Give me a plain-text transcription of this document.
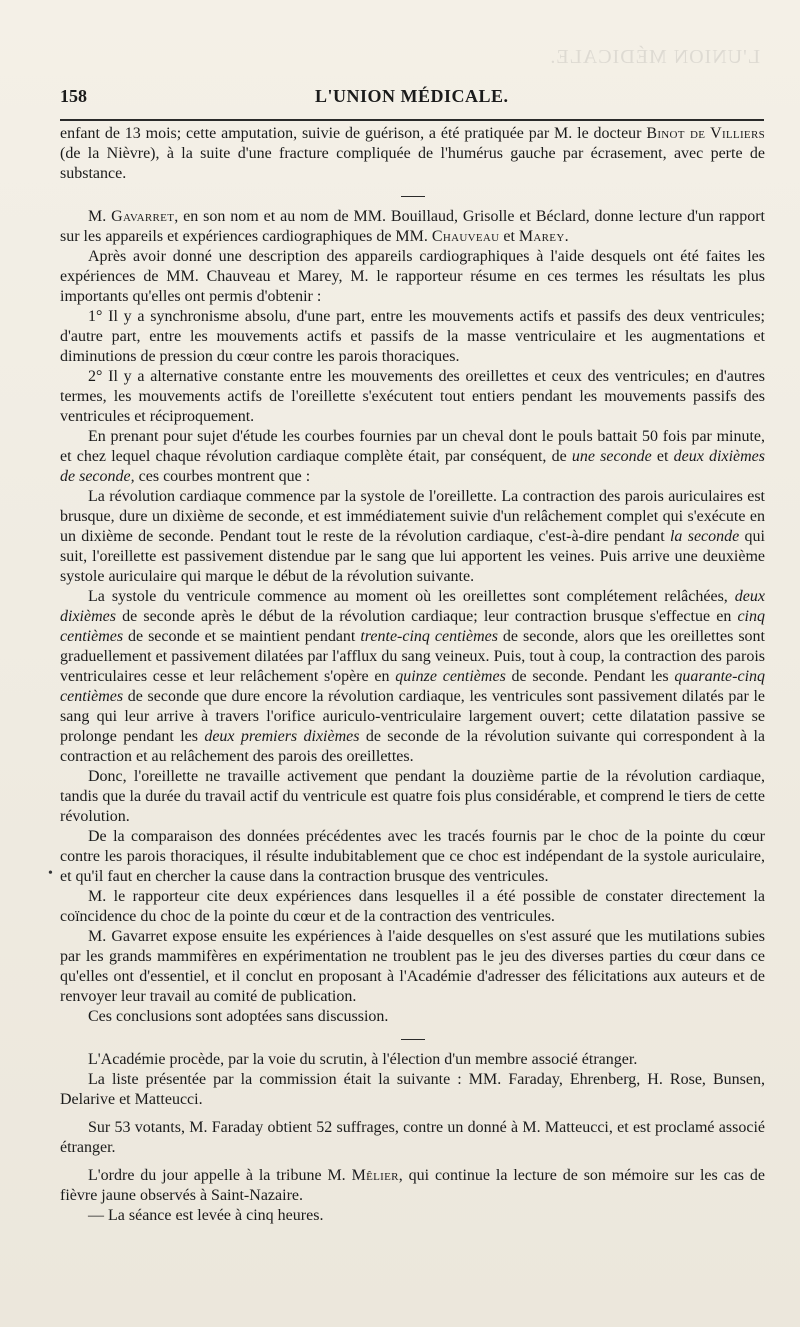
L'UNION MÉDICALE.
158	L'UNION MÉDICALE.
•

enfant de 13 mois; cette amputation, suivie de guérison, a été pratiquée par M. le docteur Binot de Villiers (de la Nièvre), à la suite d'une fracture compliquée de l'humérus gauche par écrasement, avec perte de substance.

M. Gavarret, en son nom et au nom de MM. Bouillaud, Grisolle et Béclard, donne lecture d'un rapport sur les appareils et expériences cardiographiques de MM. Chauveau et Marey.

Après avoir donné une description des appareils cardiographiques à l'aide desquels ont été faites les expériences de MM. Chauveau et Marey, M. le rapporteur résume en ces termes les résultats les plus importants qu'elles ont permis d'obtenir :

1° Il y a synchronisme absolu, d'une part, entre les mouvements actifs et passifs des deux ventricules; d'autre part, entre les mouvements actifs et passifs de la masse ventriculaire et les augmentations et diminutions de pression du cœur contre les parois thoraciques.

2° Il y a alternative constante entre les mouvements des oreillettes et ceux des ventricules; en d'autres termes, les mouvements actifs de l'oreillette s'exécutent tout entiers pendant les mouvements passifs des ventricules et réciproquement.

En prenant pour sujet d'étude les courbes fournies par un cheval dont le pouls battait 50 fois par minute, et chez lequel chaque révolution cardiaque complète était, par conséquent, de une seconde et deux dixièmes de seconde, ces courbes montrent que :

La révolution cardiaque commence par la systole de l'oreillette. La contraction des parois auriculaires est brusque, dure un dixième de seconde, et est immédiatement suivie d'un relâchement complet qui s'exécute en un dixième de seconde. Pendant tout le reste de la révolution cardiaque, c'est-à-dire pendant la seconde qui suit, l'oreillette est passivement distendue par le sang que lui apportent les veines. Puis arrive une deuxième systole auriculaire qui marque le début de la révolution suivante.

La systole du ventricule commence au moment où les oreillettes sont complétement relâchées, deux dixièmes de seconde après le début de la révolution cardiaque; leur contraction brusque s'effectue en cinq centièmes de seconde et se maintient pendant trente-cinq centièmes de seconde, alors que les oreillettes sont graduellement et passivement dilatées par l'afflux du sang veineux. Puis, tout à coup, la contraction des parois ventriculaires cesse et leur relâchement s'opère en quinze centièmes de seconde. Pendant les quarante-cinq centièmes de seconde que dure encore la révolution cardiaque, les ventricules sont passivement dilatés par le sang qui leur arrive à travers l'orifice auriculo-ventriculaire largement ouvert; cette dilatation passive se prolonge pendant les deux premiers dixièmes de seconde de la révolution suivante qui correspondent à la contraction et au relâchement des parois des oreillettes.

Donc, l'oreillette ne travaille activement que pendant la douzième partie de la révolution cardiaque, tandis que la durée du travail actif du ventricule est quatre fois plus considérable, et comprend le tiers de cette révolution.

De la comparaison des données précédentes avec les tracés fournis par le choc de la pointe du cœur contre les parois thoraciques, il résulte indubitablement que ce choc est indépendant de la systole auriculaire, et qu'il faut en chercher la cause dans la contraction brusque des ventricules.

M. le rapporteur cite deux expériences dans lesquelles il a été possible de constater directement la coïncidence du choc de la pointe du cœur et de la contraction des ventricules.

M. Gavarret expose ensuite les expériences à l'aide desquelles on s'est assuré que les mutilations subies par les grands mammifères en expérimentation ne troublent pas le jeu des diverses parties du cœur dans ce qu'elles ont d'essentiel, et il conclut en proposant à l'Académie d'adresser des félicitations aux auteurs et de renvoyer leur travail au comité de publication.

Ces conclusions sont adoptées sans discussion.

L'Académie procède, par la voie du scrutin, à l'élection d'un membre associé étranger.

La liste présentée par la commission était la suivante : MM. Faraday, Ehrenberg, H. Rose, Bunsen, Delarive et Matteucci.

Sur 53 votants, M. Faraday obtient 52 suffrages, contre un donné à M. Matteucci, et est proclamé associé étranger.

L'ordre du jour appelle à la tribune M. Mêlier, qui continue la lecture de son mémoire sur les cas de fièvre jaune observés à Saint-Nazaire.

— La séance est levée à cinq heures.
